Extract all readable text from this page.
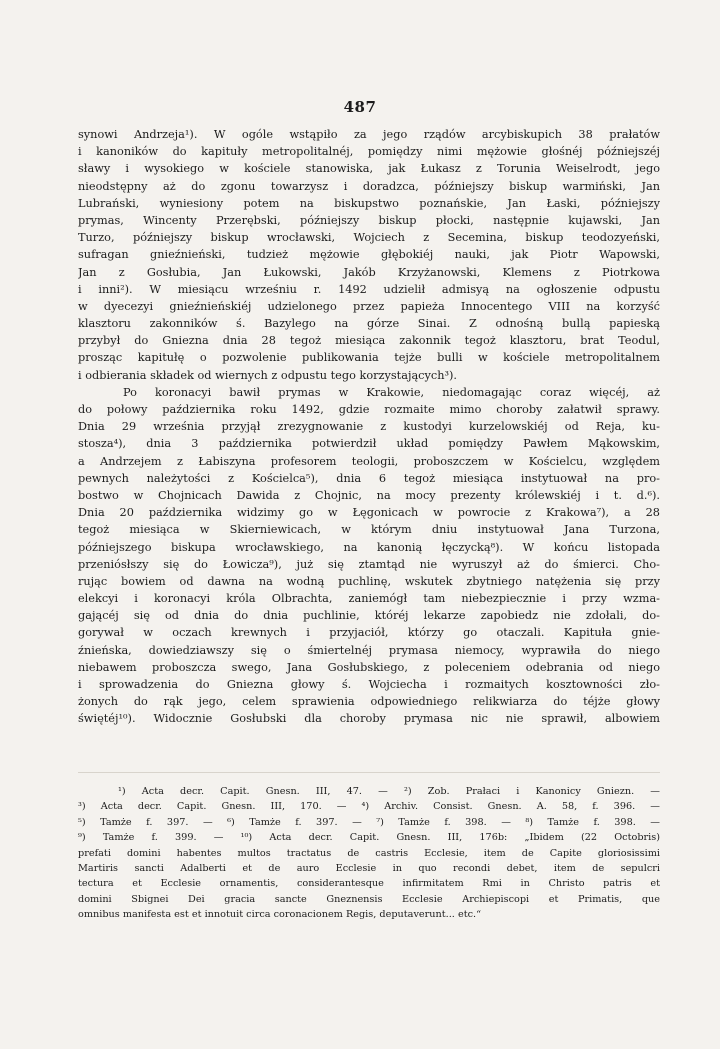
487
synowi Andrzeja¹). W ogóle wstąpiło za jego rządów arcybiskupich 38 prałatów
i kanoników do kapituły metropolitalnéj, pomiędzy nimi mężowie głośnéj późniejszéj
sławy i wysokiego w kościele stanowiska, jak Łukasz z Torunia Weiselrodt, jego
nieodstępny aż do zgonu towarzysz i doradzca, późniejszy biskup warmiński, Jan
Lubrański, wyniesiony potem na biskupstwo poznańskie, Jan Łaski, późniejszy
prymas, Wincenty Przerębski, późniejszy biskup płocki, następnie kujawski, Jan
Turzo, późniejszy biskup wrocławski, Wojciech z Secemina, biskup teodozyeński,
sufragan gnieźnieński, tudzież mężowie głębokiéj nauki, jak Piotr Wapowski,
Jan z Gosłubia, Jan Łukowski, Jakób Krzyżanowski, Klemens z Piotrkowa
i inni²). W miesiącu wrześniu r. 1492 udzielił admisyą na ogłoszenie odpustu
w dyecezyi gnieźnieńskiéj udzielonego przez papieża Innocentego VIII na korzyść
klasztoru zakonników ś. Bazylego na górze Sinai. Z odnośną bullą papieską
przybył do Gniezna dnia 28 tegoż miesiąca zakonnik tegoż klasztoru, brat Teodul,
prosząc kapitułę o pozwolenie publikowania tejże bulli w kościele metropolitalnem
i odbierania składek od wiernych z odpustu tego korzystających³).
Po koronacyi bawił prymas w Krakowie, niedomagając coraz więcéj, aż
do połowy października roku 1492, gdzie rozmaite mimo choroby załatwił sprawy.
Dnia 29 września przyjął zrezygnowanie z kustodyi kurzelowskiéj od Reja, ku-
stosza⁴), dnia 3 października potwierdził układ pomiędzy Pawłem Mąkowskim,
a Andrzejem z Łabiszyna profesorem teologii, proboszczem w Kościelcu, względem
pewnych należytości z Kościelca⁵), dnia 6 tegoż miesiąca instytuował na pro-
bostwo w Chojnicach Dawida z Chojnic, na mocy prezenty królewskiéj i t. d.⁶).
Dnia 20 października widzimy go w Łęgonicach w powrocie z Krakowa⁷), a 28
tegoż miesiąca w Skierniewicach, w którym dniu instytuował Jana Turzona,
późniejszego biskupa wrocławskiego, na kanonią łęczycką⁸). W końcu listopada
przeniósłszy się do Łowicza⁹), już się ztamtąd nie wyruszył aż do śmierci. Cho-
rując bowiem od dawna na wodną puchlinę, wskutek zbytniego natężenia się przy
elekcyi i koronacyi króla Olbrachta, zaniemógł tam niebezpiecznie i przy wzma-
gającéj się od dnia do dnia puchlinie, któréj lekarze zapobiedz nie zdołali, do-
gorywał w oczach krewnych i przyjaciół, którzy go otaczali. Kapituła gnie-
źnieńska, dowiedziawszy się o śmiertelnéj prymasa niemocy, wyprawiła do niego
niebawem proboszcza swego, Jana Gosłubskiego, z poleceniem odebrania od niego
i sprowadzenia do Gniezna głowy ś. Wojciecha i rozmaitych kosztowności zło-
żonych do rąk jego, celem sprawienia odpowiedniego relikwiarza do téjże głowy
świętéj¹⁰). Widocznie Gosłubski dla choroby prymasa nic nie sprawił, albowiem
¹) Acta decr. Capit. Gnesn. III, 47. — ²) Zob. Prałaci i Kanonicy Gniezn. —
³) Acta decr. Capit. Gnesn. III, 170. — ⁴) Archiv. Consist. Gnesn. A. 58, f. 396. —
⁵) Tamże f. 397. — ⁶) Tamże f. 397. — ⁷) Tamże f. 398. — ⁸) Tamże f. 398. —
⁹) Tamże f. 399. — ¹⁰) Acta decr. Capit. Gnesn. III, 176b: „Ibidem (22 Octobris)
prefati domini habentes multos tractatus de castris Ecclesie, item de Capite gloriosissimi
Martiris sancti Adalberti et de auro Ecclesie in quo recondi debet, item de sepulcri
tectura et Ecclesie ornamentis, considerantesque infirmitatem Rmi in Christo patris et
domini Sbignei Dei gracia sancte Gneznensis Ecclesie Archiepiscopi et Primatis, que
omnibus manifesta est et innotuit circa coronacionem Regis, deputaverunt... etc.“
